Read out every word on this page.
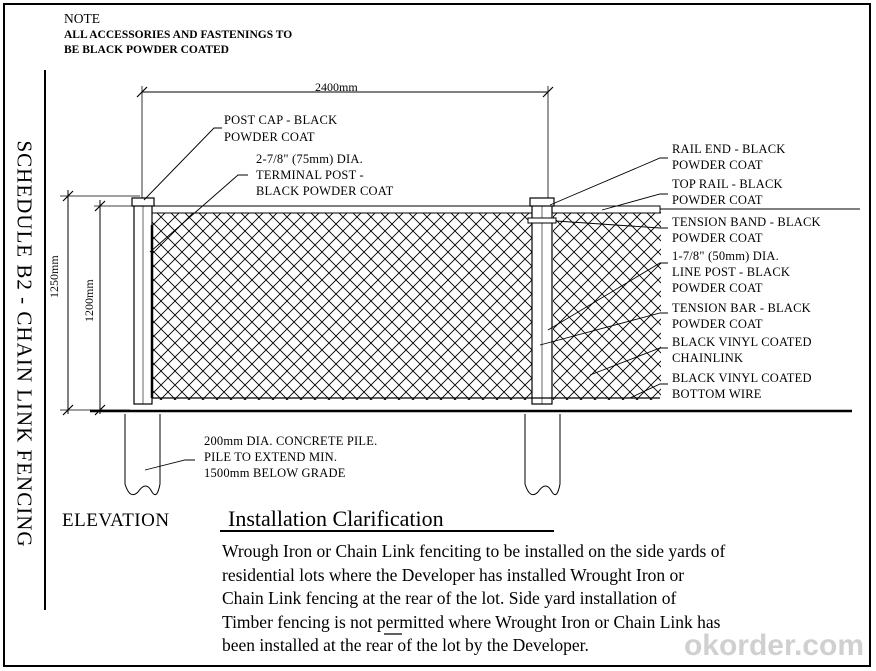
SCHEDULE B2 - CHAIN LINK FENCING
NOTE
ALL ACCESSORIES AND FASTENINGS TO
BE BLACK POWDER COATED
2400mm
1250mm
1200mm
POST CAP - BLACK
POWDER COAT
2-7/8" (75mm) DIA.
TERMINAL POST -
BLACK POWDER COAT
200mm DIA. CONCRETE PILE.
PILE TO EXTEND MIN.
1500mm BELOW GRADE
RAIL END - BLACK
POWDER COAT
TOP RAIL - BLACK
POWDER COAT
TENSION BAND - BLACK
POWDER COAT
1-7/8" (50mm) DIA.
LINE POST - BLACK
POWDER COAT
TENSION BAR - BLACK
POWDER COAT
BLACK VINYL COATED
CHAINLINK
BLACK VINYL COATED
BOTTOM WIRE
ELEVATION	Installation Clarification
Wrough Iron or Chain Link fenciting to be installed on the side yards of
residential lots where the Developer has installed Wrought Iron or
Chain Link fencing at the rear of the lot. Side yard installation of
Timber fencing is not permitted where Wrought Iron or Chain Link has
been installed at the rear of the lot by the Developer.	okorder.com
